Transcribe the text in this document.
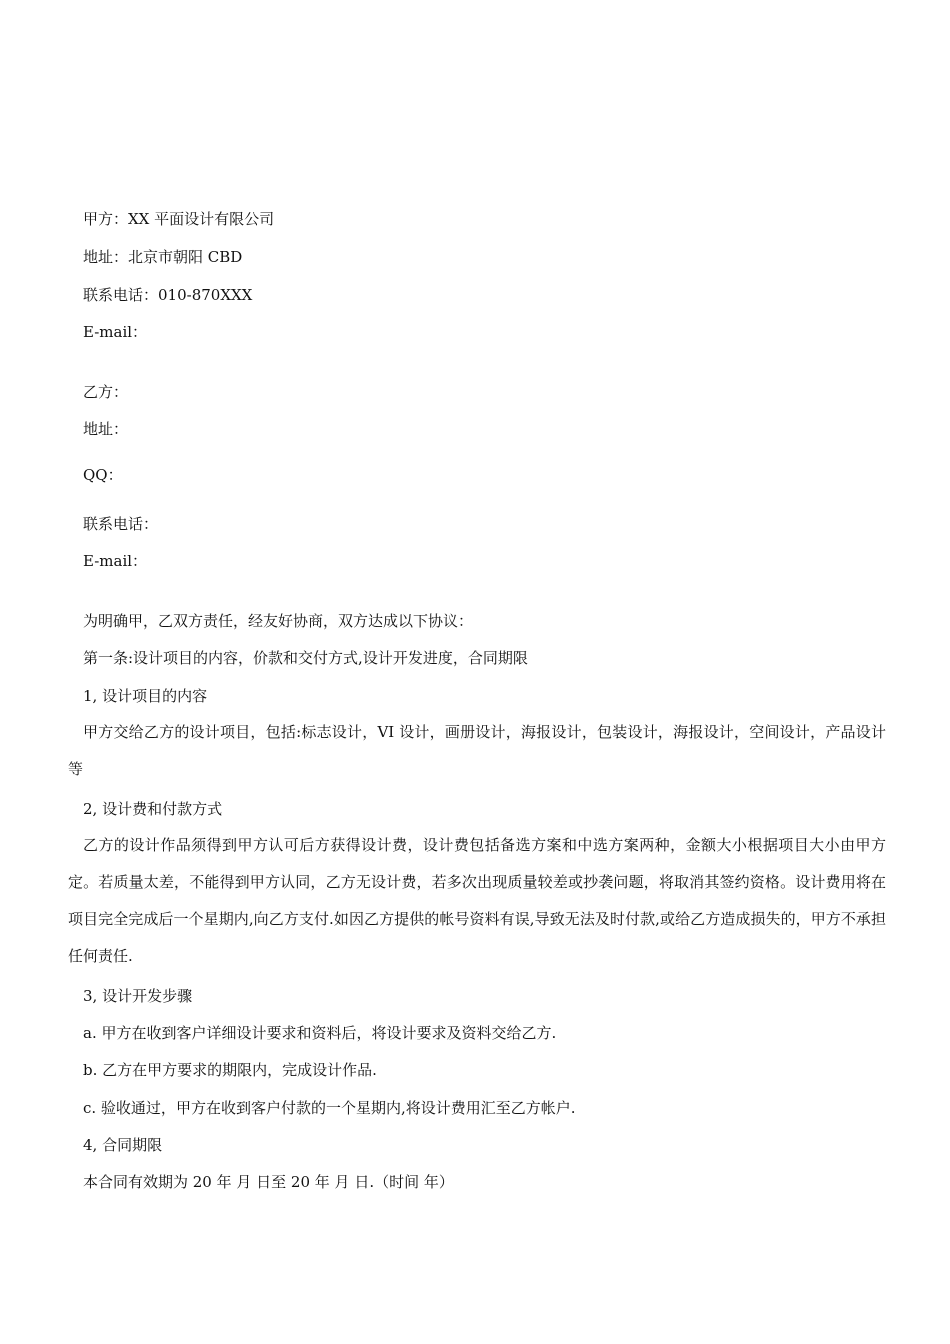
甲方：XX 平面设计有限公司
地址：北京市朝阳 CBD
联系电话：010-870XXX
E-mail：
乙方：
地址：
QQ：
联系电话：
E-mail：
为明确甲，乙双方责任，经友好协商，双方达成以下协议：
第一条:设计项目的内容，价款和交付方式,设计开发进度，合同期限
1, 设计项目的内容
甲方交给乙方的设计项目，包括:标志设计，VI 设计，画册设计，海报设计，包装设计，海报设计，空间设计，产品设计 等
2, 设计费和付款方式
乙方的设计作品须得到甲方认可后方获得设计费，设计费包括备选方案和中选方案两种，金额大小根据项目大小由甲方定。若质量太差，不能得到甲方认同，乙方无设计费，若多次出现质量较差或抄袭问题，将取消其签约资格。设计费用将在项目完全完成后一个星期内,向乙方支付.如因乙方提供的帐号资料有误,导致无法及时付款,或给乙方造成损失的，甲方不承担任何责任.
3, 设计开发步骤
a. 甲方在收到客户详细设计要求和资料后，将设计要求及资料交给乙方.
b. 乙方在甲方要求的期限内，完成设计作品.
c. 验收通过，甲方在收到客户付款的一个星期内,将设计费用汇至乙方帐户.
4, 合同期限
本合同有效期为 20 年 月 日至 20 年 月 日.（时间 年）
